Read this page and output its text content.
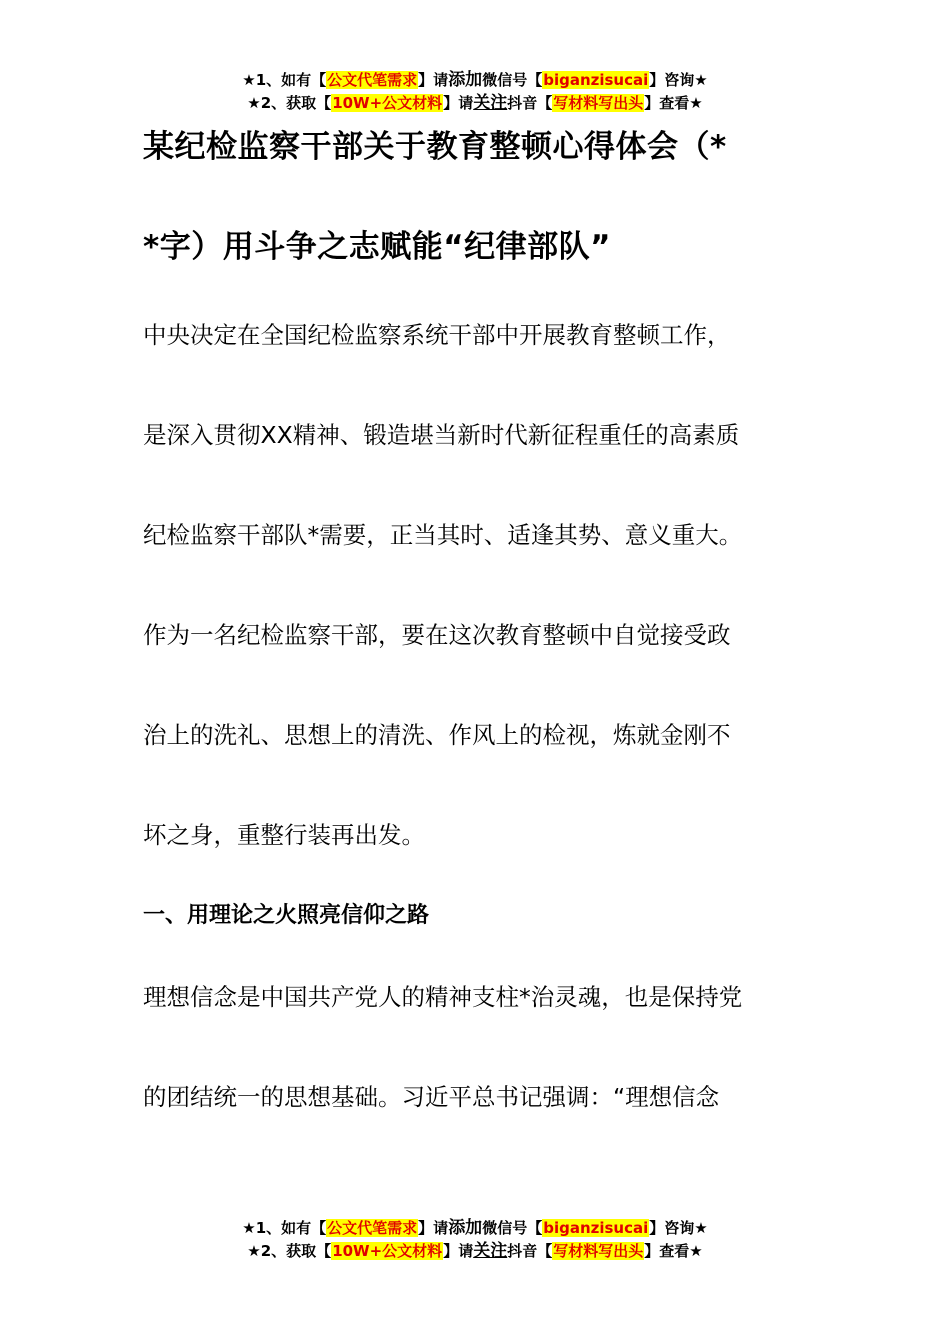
★1、如有【公文代笔需求】请添加微信号【biganzisucai】咨询★
★2、获取【10W+公文材料】请关注抖音【写材料写出头】查看★
某纪检监察干部关于教育整顿心得体会（*
*字）用斗争之志赋能“纪律部队”
中央决定在全国纪检监察系统干部中开展教育整顿工作，
是深入贯彻XX精神、锻造堪当新时代新征程重任的高素质
纪检监察干部队*需要，正当其时、适逢其势、意义重大。
作为一名纪检监察干部，要在这次教育整顿中自觉接受政
治上的洗礼、思想上的清洗、作风上的检视，炼就金刚不
坏之身，重整行装再出发。
一、用理论之火照亮信仰之路
理想信念是中国共产党人的精神支柱*治灵魂，也是保持党
的团结统一的思想基础。习近平总书记强调：“理想信念
★1、如有【公文代笔需求】请添加微信号【biganzisucai】咨询★
★2、获取【10W+公文材料】请关注抖音【写材料写出头】查看★
